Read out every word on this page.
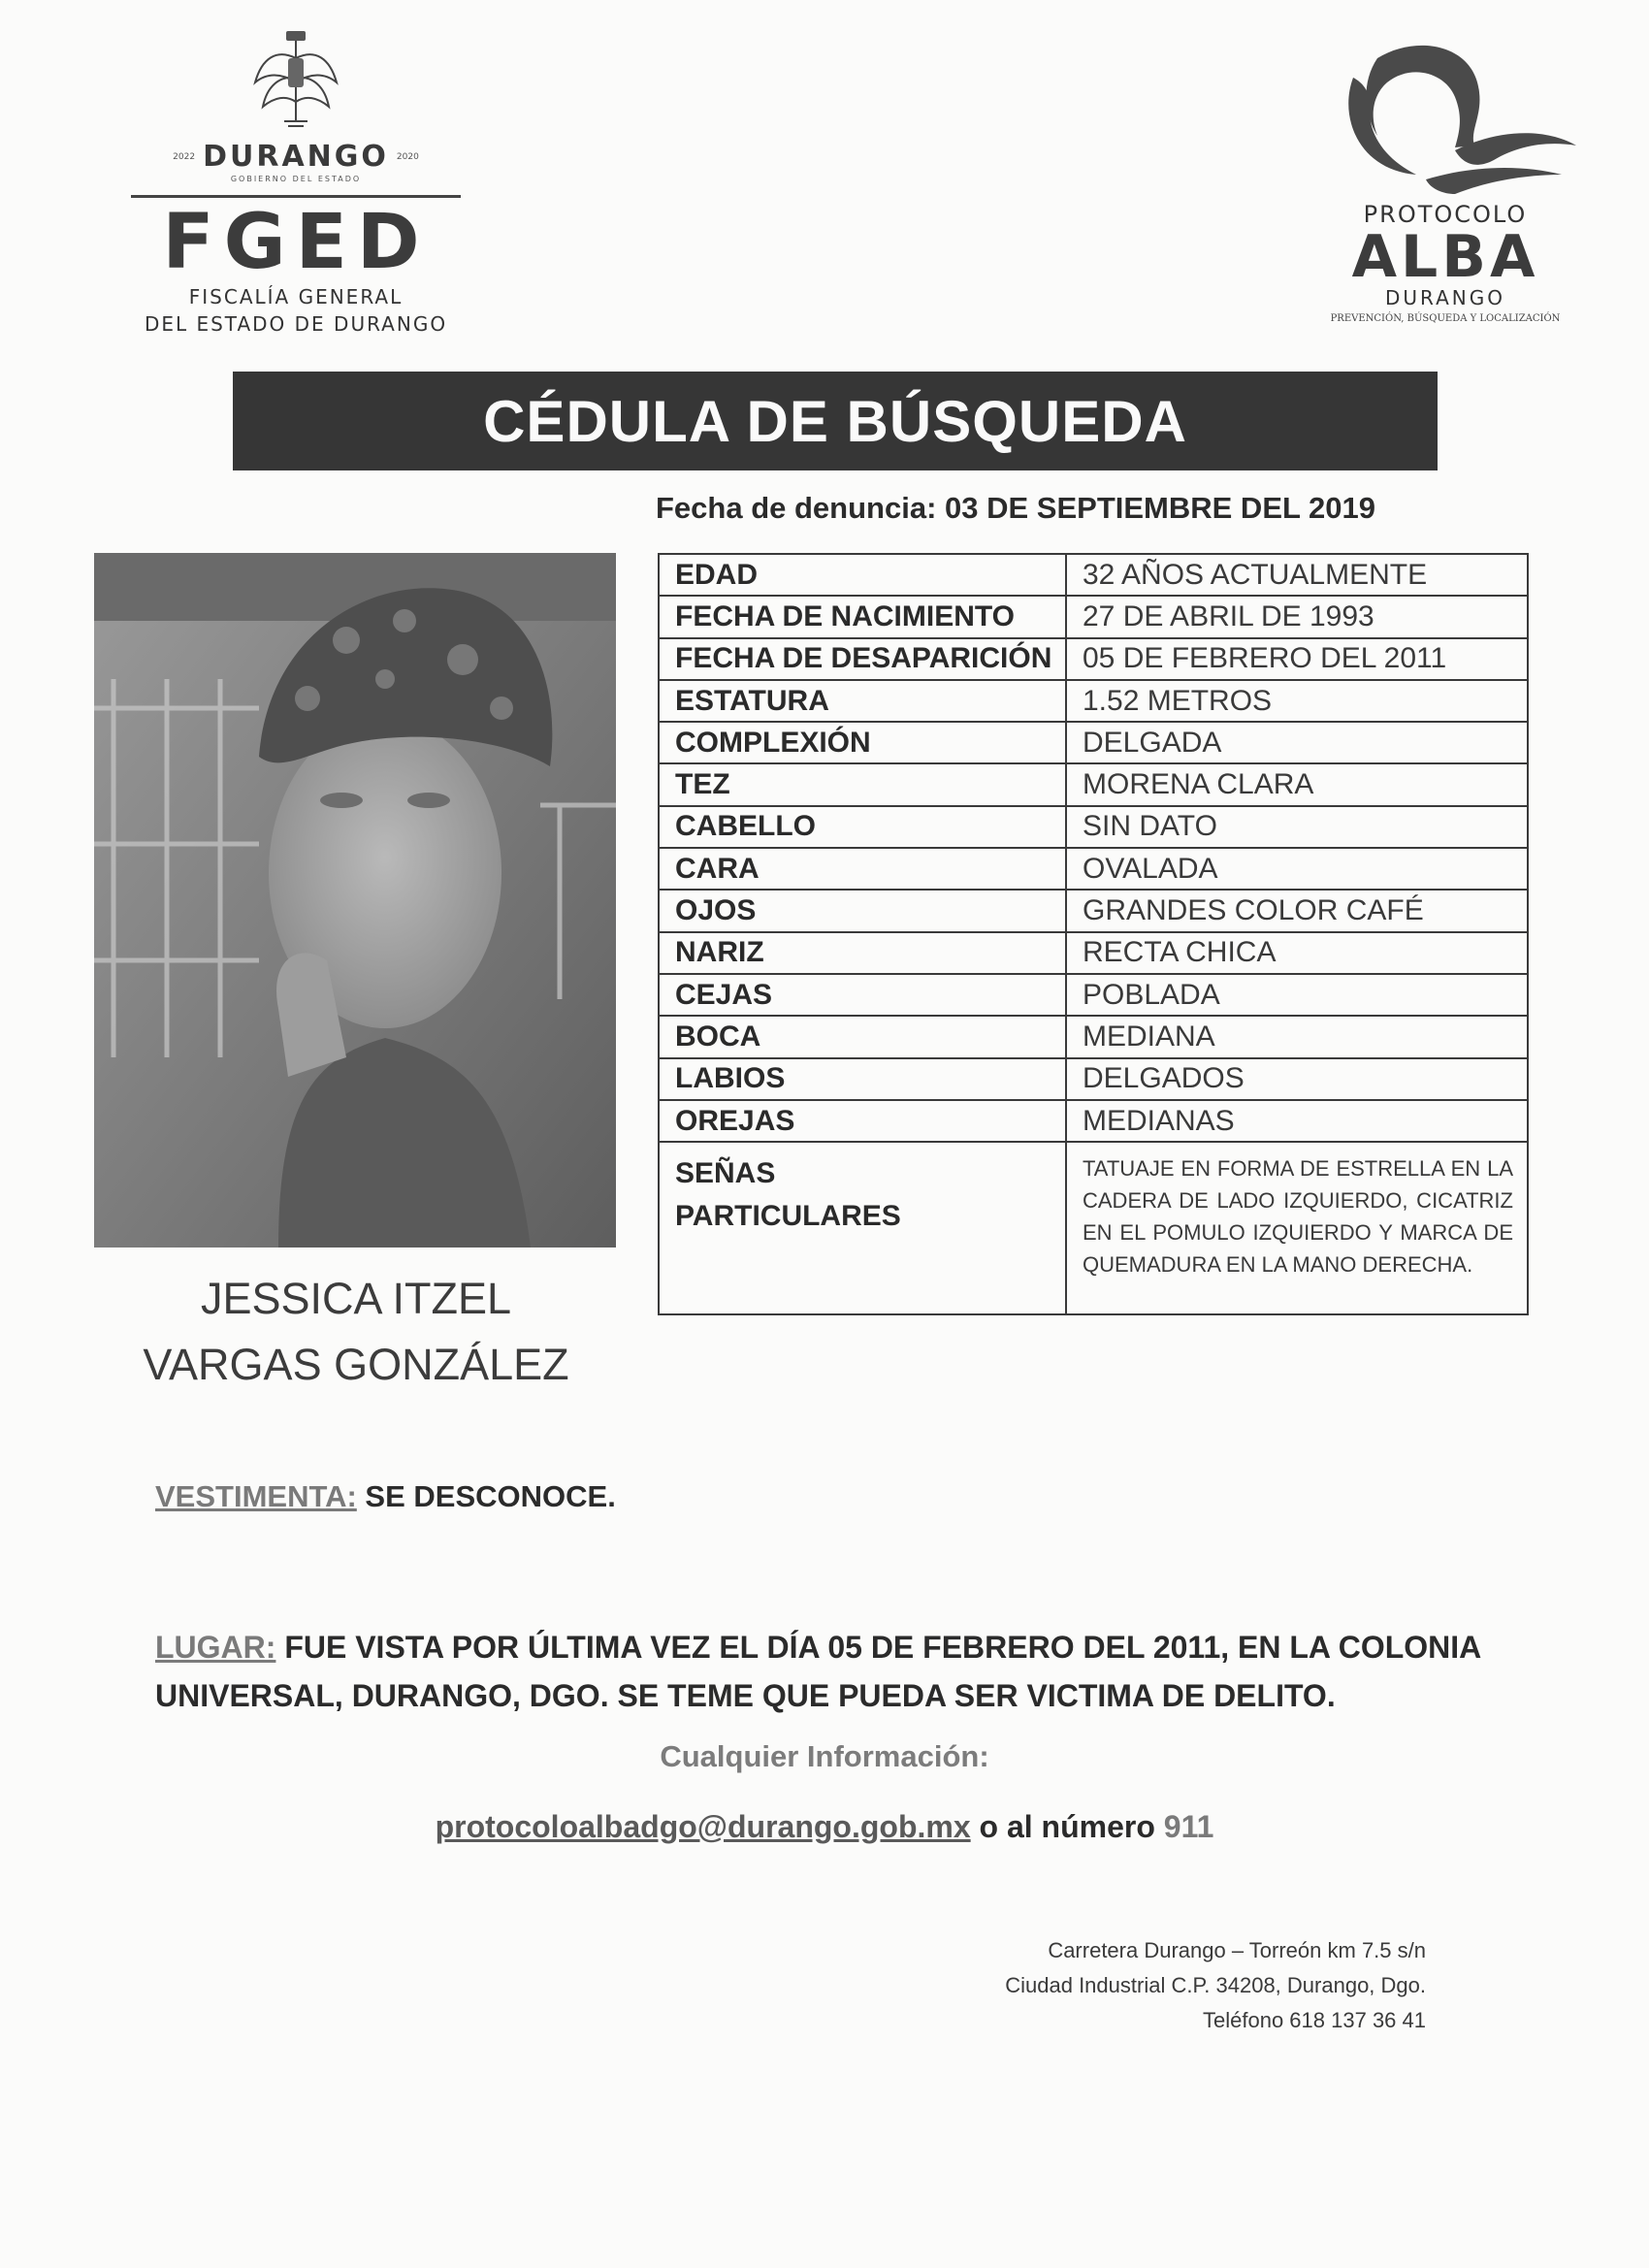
2022 DURANGO 2020
GOBIERNO DEL ESTADO
FGED
FISCALÍA GENERAL
DEL ESTADO DE DURANGO
PROTOCOLO
ALBA
DURANGO
PREVENCIÓN, BÚSQUEDA Y LOCALIZACIÓN
CÉDULA DE BÚSQUEDA
Fecha de denuncia: 03 DE SEPTIEMBRE DEL 2019
EDAD	32 AÑOS ACTUALMENTE
FECHA DE NACIMIENTO	27 DE ABRIL DE 1993
FECHA DE DESAPARICIÓN	05 DE FEBRERO DEL 2011
ESTATURA	1.52 METROS
COMPLEXIÓN	DELGADA
TEZ	MORENA CLARA
CABELLO	SIN DATO
CARA	OVALADA
OJOS	GRANDES COLOR CAFÉ
NARIZ	RECTA CHICA
CEJAS	POBLADA
BOCA	MEDIANA
LABIOS	DELGADOS
OREJAS	MEDIANAS

SEÑAS
PARTICULARES	TATUAJE EN FORMA DE ESTRELLA EN LA CADERA DE LADO IZQUIERDO, CICATRIZ EN EL POMULO IZQUIERDO Y MARCA DE QUEMADURA EN LA MANO DERECHA.
JESSICA ITZEL
VARGAS GONZÁLEZ
VESTIMENTA: SE DESCONOCE.
LUGAR: FUE VISTA POR ÚLTIMA VEZ EL DÍA 05 DE FEBRERO DEL 2011, EN LA COLONIA UNIVERSAL, DURANGO, DGO. SE TEME QUE PUEDA SER VICTIMA DE DELITO.
Cualquier Información:
protocoloalbadgo@durango.gob.mx o al número 911
Carretera Durango – Torreón km 7.5 s/n
Ciudad Industrial C.P. 34208, Durango, Dgo.
Teléfono 618 137 36 41
